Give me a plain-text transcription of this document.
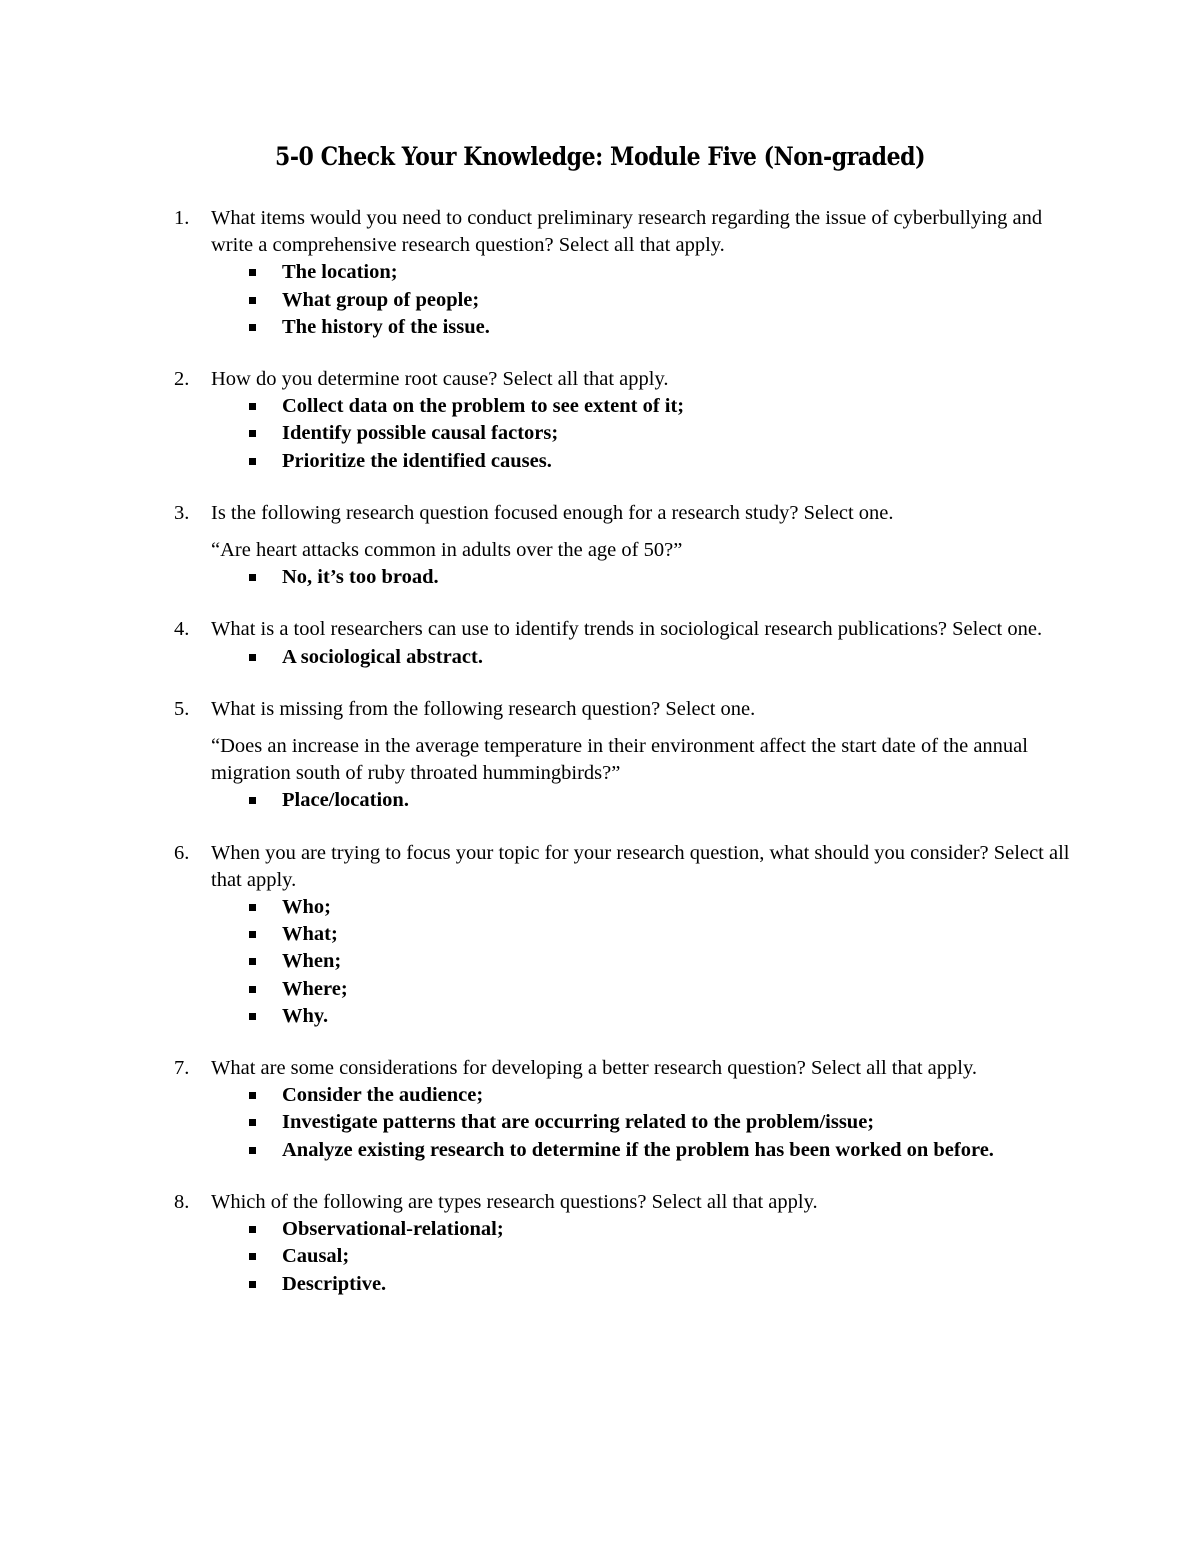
5-0 Check Your Knowledge: Module Five (Non-graded)
1. What items would you need to conduct preliminary research regarding the issue of cyberbullying and write a comprehensive research question? Select all that apply.
The location;
What group of people;
The history of the issue.
2. How do you determine root cause? Select all that apply.
Collect data on the problem to see extent of it;
Identify possible causal factors;
Prioritize the identified causes.
3. Is the following research question focused enough for a research study? Select one.
“Are heart attacks common in adults over the age of 50?”
No, it’s too broad.
4. What is a tool researchers can use to identify trends in sociological research publications? Select one.
A sociological abstract.
5. What is missing from the following research question? Select one.
“Does an increase in the average temperature in their environment affect the start date of the annual migration south of ruby throated hummingbirds?”
Place/location.
6. When you are trying to focus your topic for your research question, what should you consider? Select all that apply.
Who;
What;
When;
Where;
Why.
7. What are some considerations for developing a better research question? Select all that apply.
Consider the audience;
Investigate patterns that are occurring related to the problem/issue;
Analyze existing research to determine if the problem has been worked on before.
8. Which of the following are types research questions? Select all that apply.
Observational-relational;
Causal;
Descriptive.
